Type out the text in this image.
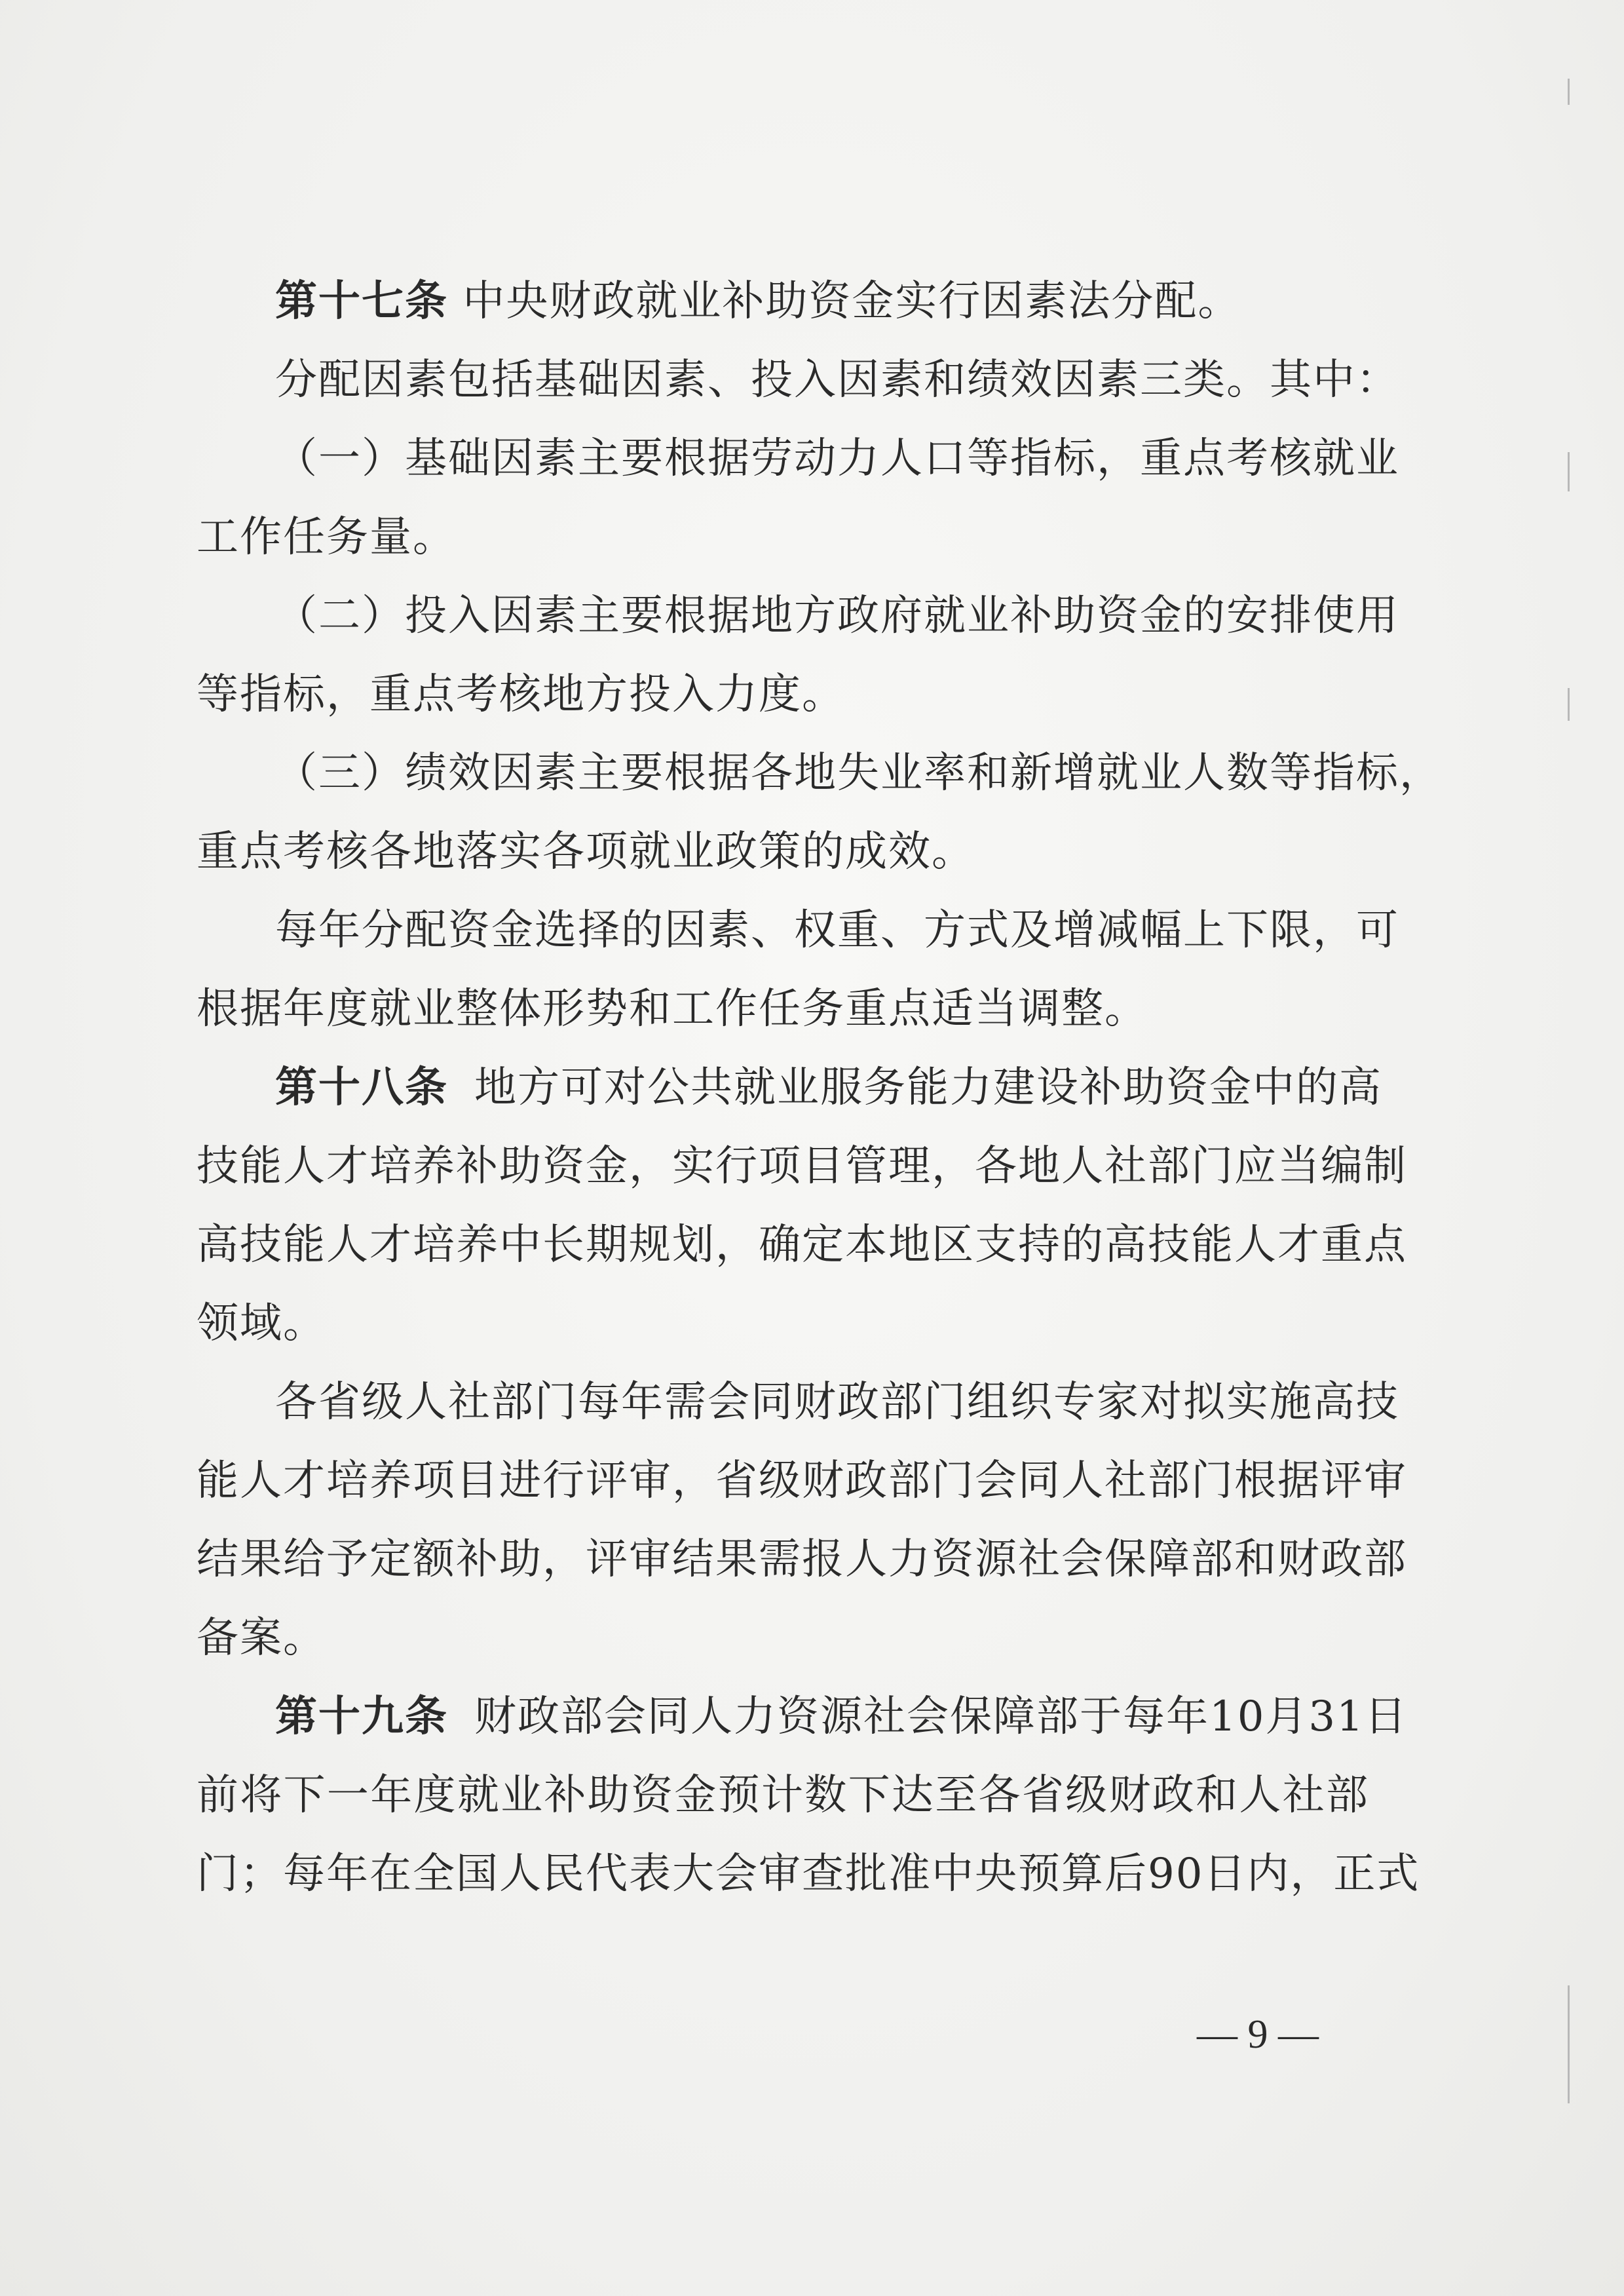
第十七条 中央财政就业补助资金实行因素法分配。
分配因素包括基础因素、投入因素和绩效因素三类。其中：
（一）基础因素主要根据劳动力人口等指标，重点考核就业
工作任务量。
（二）投入因素主要根据地方政府就业补助资金的安排使用
等指标，重点考核地方投入力度。
（三）绩效因素主要根据各地失业率和新增就业人数等指标，
重点考核各地落实各项就业政策的成效。
每年分配资金选择的因素、权重、方式及增减幅上下限，可
根据年度就业整体形势和工作任务重点适当调整。
第十八条 地方可对公共就业服务能力建设补助资金中的高
技能人才培养补助资金，实行项目管理，各地人社部门应当编制
高技能人才培养中长期规划，确定本地区支持的高技能人才重点
领域。
各省级人社部门每年需会同财政部门组织专家对拟实施高技
能人才培养项目进行评审，省级财政部门会同人社部门根据评审
结果给予定额补助，评审结果需报人力资源社会保障部和财政部
备案。
第十九条 财政部会同人力资源社会保障部于每年10月31日
前将下一年度就业补助资金预计数下达至各省级财政和人社部
门；每年在全国人民代表大会审查批准中央预算后90日内，正式
— 9 —
